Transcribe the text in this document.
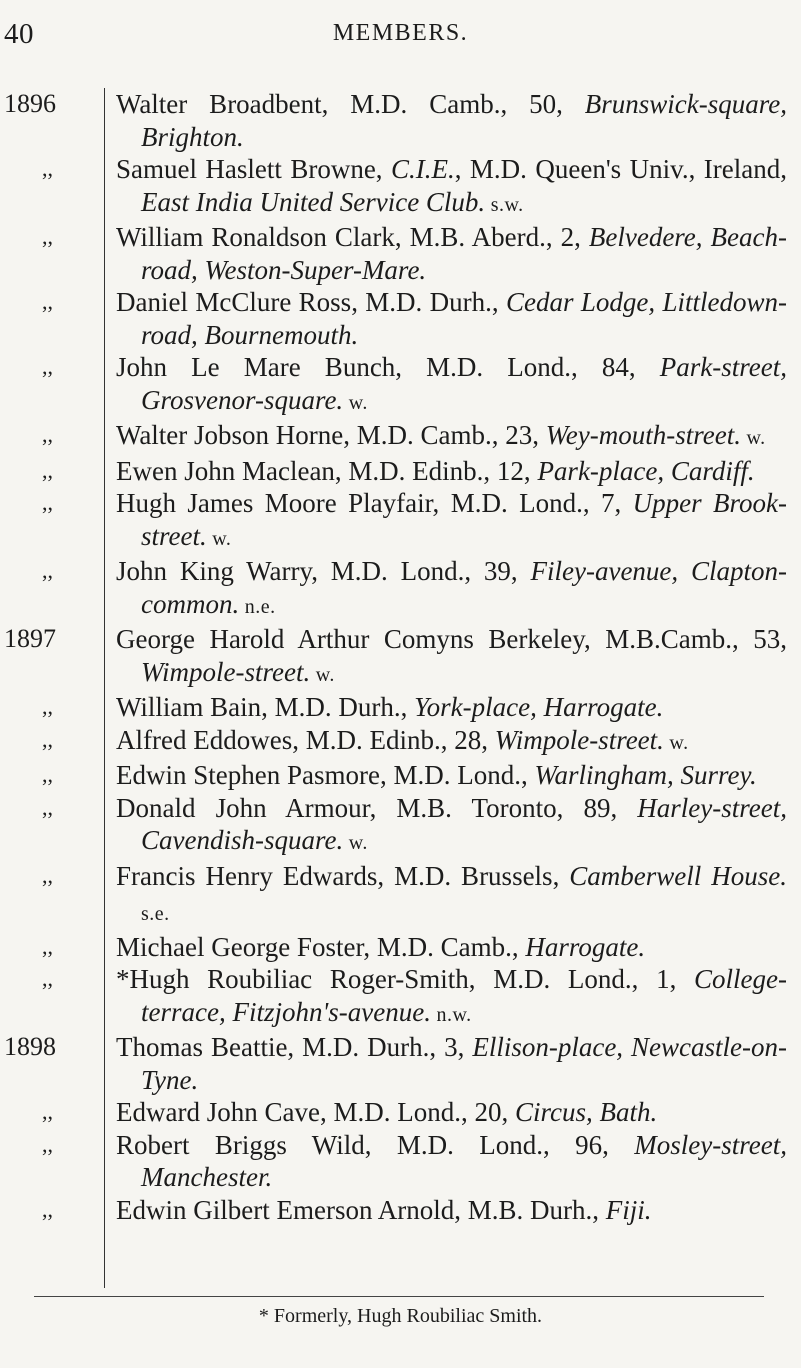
40	MEMBERS.
1896	Walter Broadbent, M.D. Camb., 50, Brunswick-square, Brighton.
,,	Samuel Haslett Browne, C.I.E., M.D. Queen's Univ., Ireland, East India United Service Club. s.w.
,,	William Ronaldson Clark, M.B. Aberd., 2, Belvedere, Beach-road, Weston-Super-Mare.
,,	Daniel McClure Ross, M.D. Durh., Cedar Lodge, Littledown-road, Bournemouth.
,,	John Le Mare Bunch, M.D. Lond., 84, Park-street, Grosvenor-square. w.
,,	Walter Jobson Horne, M.D. Camb., 23, Wey-mouth-street. w.
,,	Ewen John Maclean, M.D. Edinb., 12, Park-place, Cardiff.
,,	Hugh James Moore Playfair, M.D. Lond., 7, Upper Brook-street. w.
,,	John King Warry, M.D. Lond., 39, Filey-avenue, Clapton-common. n.e.
1897	George Harold Arthur Comyns Berkeley, M.B.Camb., 53, Wimpole-street. w.
,,	William Bain, M.D. Durh., York-place, Harrogate.
,,	Alfred Eddowes, M.D. Edinb., 28, Wimpole-street. w.
,,	Edwin Stephen Pasmore, M.D. Lond., Warlingham, Surrey.
,,	Donald John Armour, M.B. Toronto, 89, Harley-street, Cavendish-square. w.
,,	Francis Henry Edwards, M.D. Brussels, Camberwell House. s.e.
,,	Michael George Foster, M.D. Camb., Harrogate.
,,	*Hugh Roubiliac Roger-Smith, M.D. Lond., 1, College-terrace, Fitzjohn's-avenue. n.w.
1898	Thomas Beattie, M.D. Durh., 3, Ellison-place, Newcastle-on-Tyne.
,,	Edward John Cave, M.D. Lond., 20, Circus, Bath.
,,	Robert Briggs Wild, M.D. Lond., 96, Mosley-street, Manchester.
,,	Edwin Gilbert Emerson Arnold, M.B. Durh., Fiji.
* Formerly, Hugh Roubiliac Smith.
